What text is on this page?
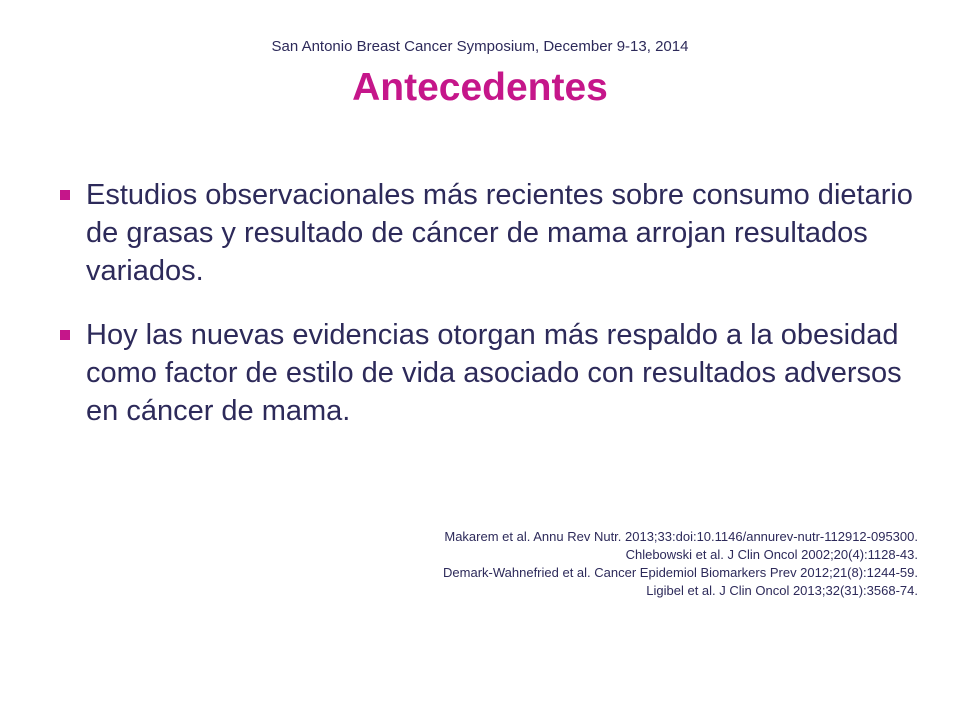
San Antonio Breast Cancer Symposium, December 9-13, 2014
Antecedentes
Estudios observacionales más recientes sobre consumo dietario de grasas y resultado de cáncer de mama arrojan resultados variados.
Hoy las nuevas evidencias otorgan más respaldo a la obesidad como factor de estilo de vida asociado con resultados adversos en cáncer de mama.
Makarem et al. Annu Rev Nutr. 2013;33:doi:10.1146/annurev-nutr-112912-095300.
Chlebowski et al. J Clin Oncol 2002;20(4):1128-43.
Demark-Wahnefried et al. Cancer Epidemiol Biomarkers Prev 2012;21(8):1244-59.
Ligibel et al. J Clin Oncol 2013;32(31):3568-74.
